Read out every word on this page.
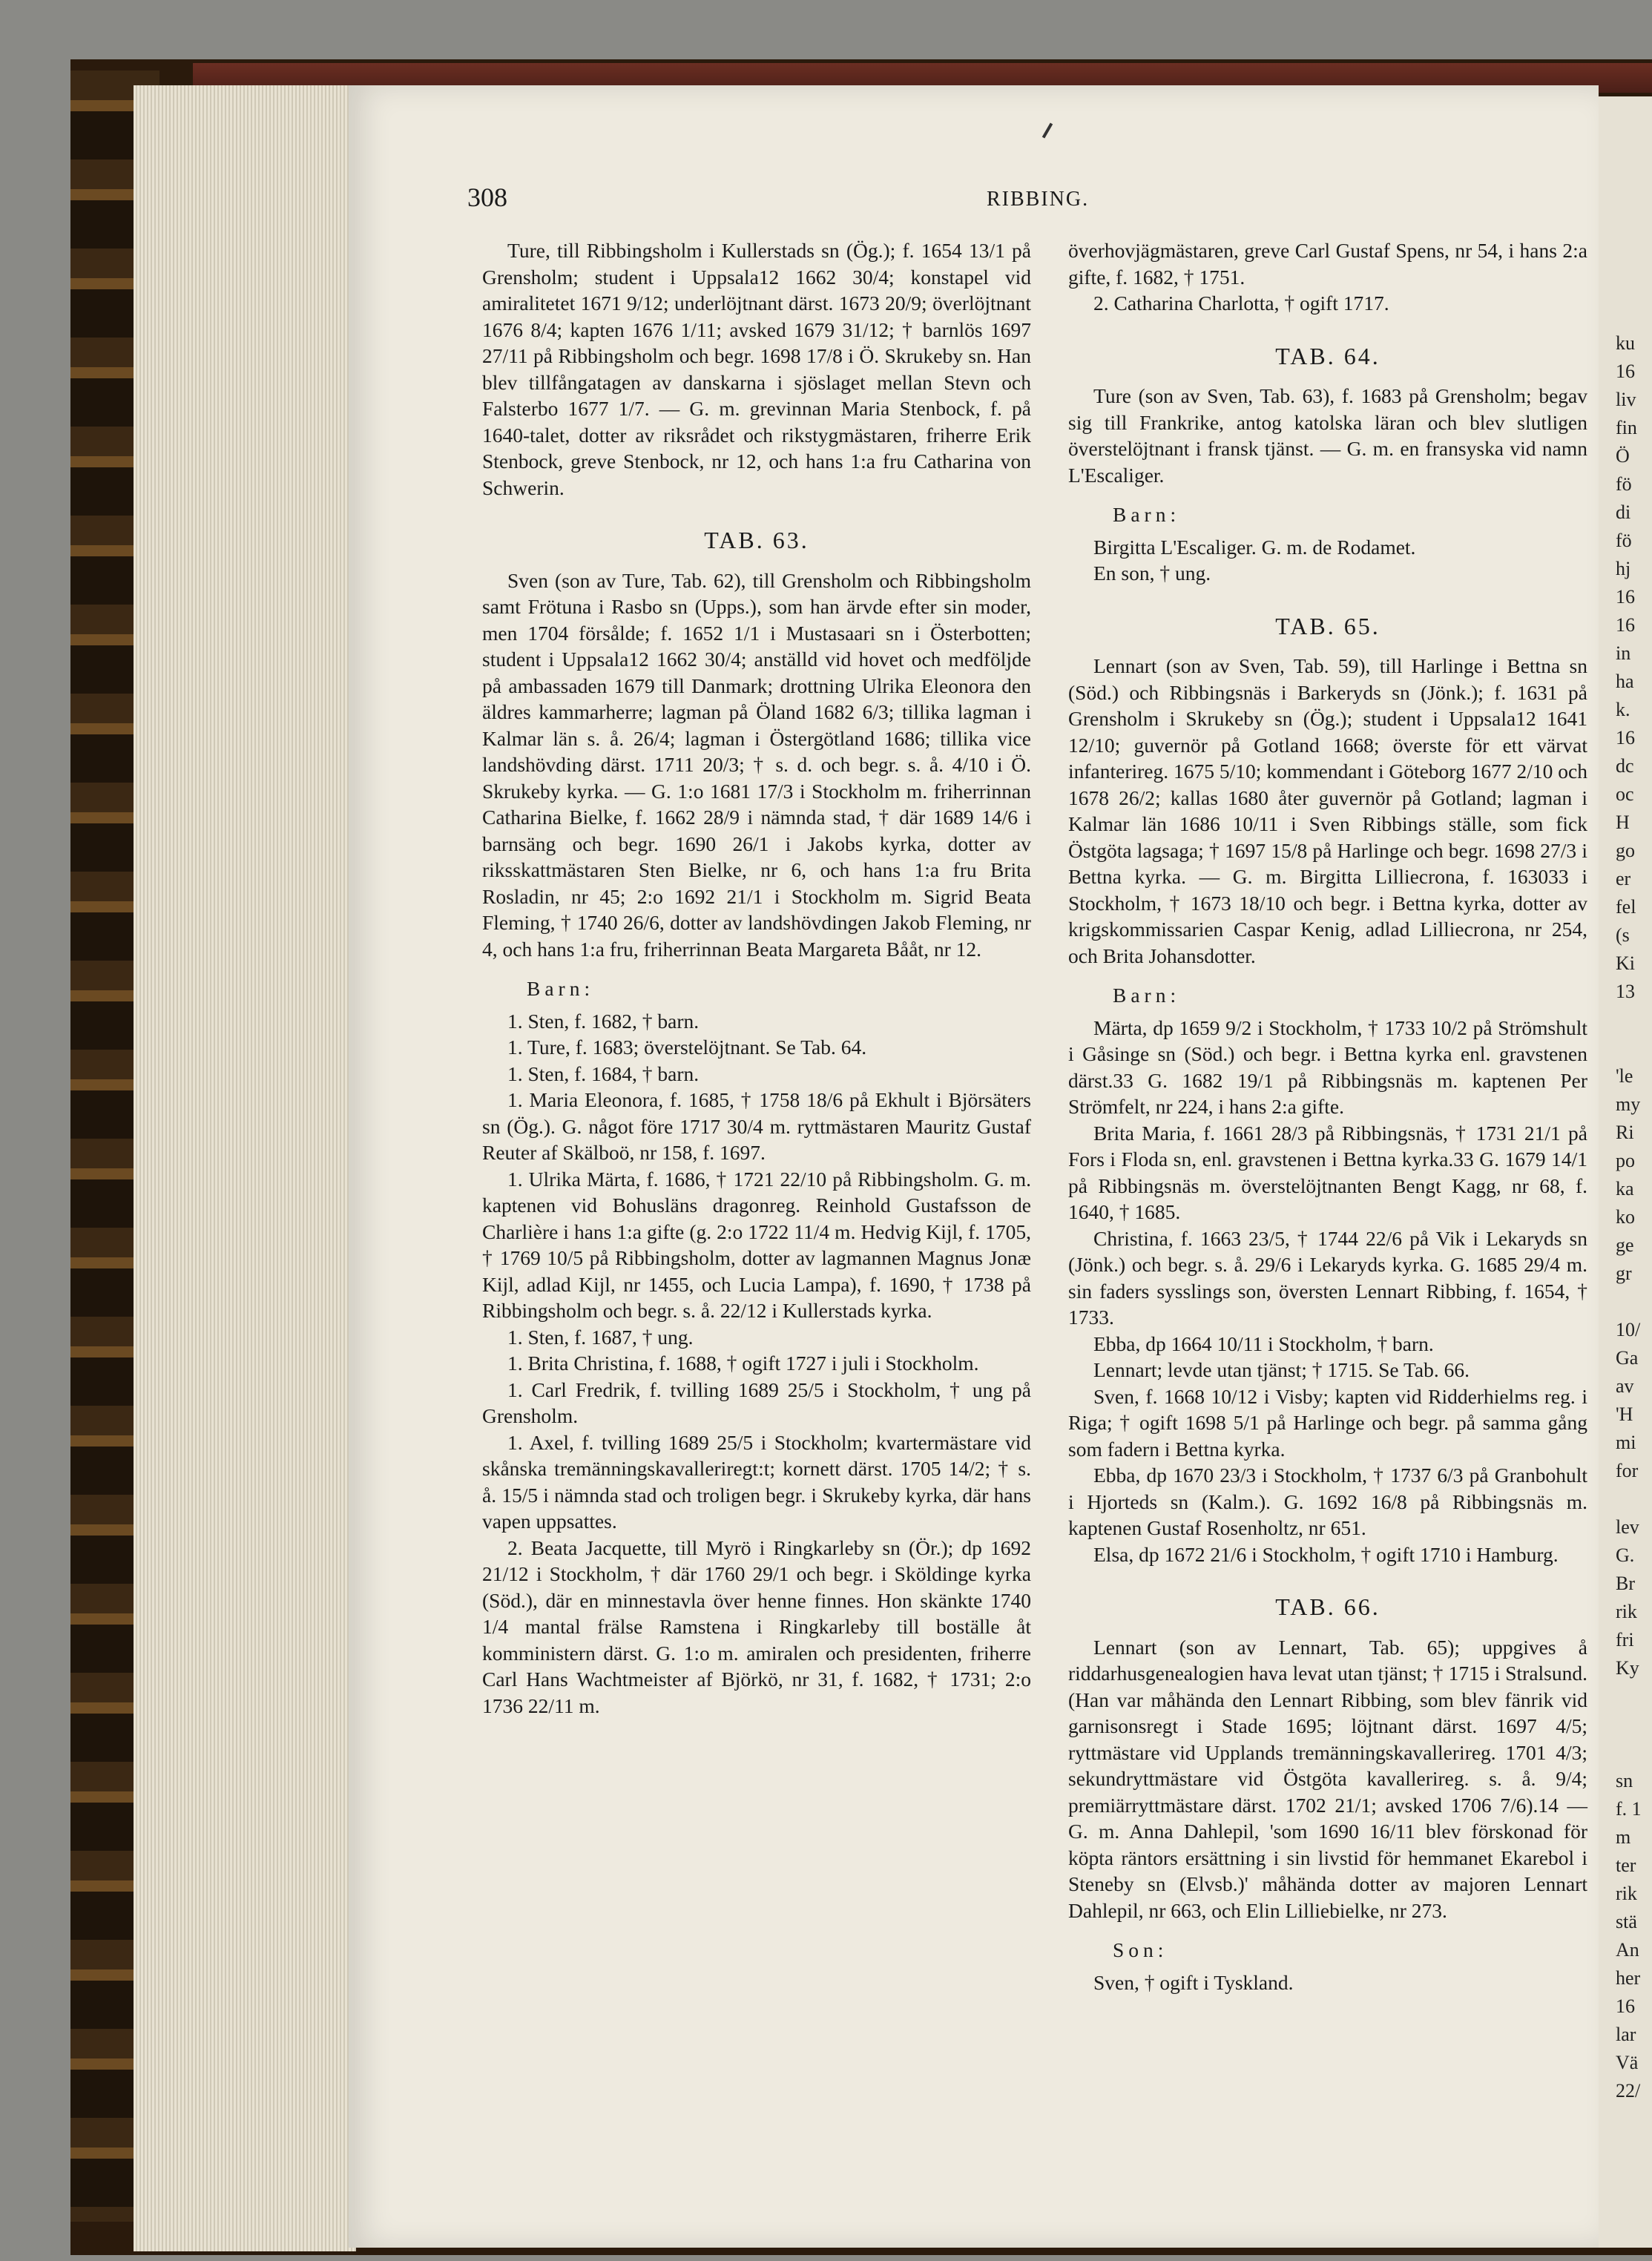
308	RIBBING.

Ture, till Ribbingsholm i Kullerstads sn (Ög.); f. 1654 13/1 på Grensholm; student i Uppsala12 1662 30/4; konstapel vid amiralitetet 1671 9/12; underlöjtnant därst. 1673 20/9; överlöjtnant 1676 8/4; kapten 1676 1/11; avsked 1679 31/12; † barnlös 1697 27/11 på Ribbingsholm och begr. 1698 17/8 i Ö. Skrukeby sn. Han blev tillfångatagen av danskarna i sjöslaget mellan Stevn och Falsterbo 1677 1/7. — G. m. grevinnan Maria Stenbock, f. på 1640-talet, dotter av riksrådet och rikstygmästaren, friherre Erik Stenbock, greve Stenbock, nr 12, och hans 1:a fru Catharina von Schwerin.

TAB. 63.

Sven (son av Ture, Tab. 62), till Grensholm och Ribbingsholm samt Frötuna i Rasbo sn (Upps.), som han ärvde efter sin moder, men 1704 försålde; f. 1652 1/1 i Mustasaari sn i Österbotten; student i Uppsala12 1662 30/4; anställd vid hovet och medföljde på ambassaden 1679 till Danmark; drottning Ulrika Eleonora den äldres kammarherre; lagman på Öland 1682 6/3; tillika lagman i Kalmar län s. å. 26/4; lagman i Östergötland 1686; tillika vice landshövding därst. 1711 20/3; † s. d. och begr. s. å. 4/10 i Ö. Skrukeby kyrka. — G. 1:o 1681 17/3 i Stockholm m. friherrinnan Catharina Bielke, f. 1662 28/9 i nämnda stad, † där 1689 14/6 i barnsäng och begr. 1690 26/1 i Jakobs kyrka, dotter av riksskattmästaren Sten Bielke, nr 6, och hans 1:a fru Brita Rosladin, nr 45; 2:o 1692 21/1 i Stockholm m. Sigrid Beata Fleming, † 1740 26/6, dotter av landshövdingen Jakob Fleming, nr 4, och hans 1:a fru, friherrinnan Beata Margareta Bååt, nr 12.

Barn:

1. Sten, f. 1682, † barn.

1. Ture, f. 1683; överstelöjtnant. Se Tab. 64.

1. Sten, f. 1684, † barn.

1. Maria Eleonora, f. 1685, † 1758 18/6 på Ekhult i Björsäters sn (Ög.). G. något före 1717 30/4 m. ryttmästaren Mauritz Gustaf Reuter af Skälboö, nr 158, f. 1697.

1. Ulrika Märta, f. 1686, † 1721 22/10 på Ribbingsholm. G. m. kaptenen vid Bohusläns dragonreg. Reinhold Gustafsson de Charlière i hans 1:a gifte (g. 2:o 1722 11/4 m. Hedvig Kijl, f. 1705, † 1769 10/5 på Ribbingsholm, dotter av lagmannen Magnus Jonæ Kijl, adlad Kijl, nr 1455, och Lucia Lampa), f. 1690, † 1738 på Ribbingsholm och begr. s. å. 22/12 i Kullerstads kyrka.

1. Sten, f. 1687, † ung.

1. Brita Christina, f. 1688, † ogift 1727 i juli i Stockholm.

1. Carl Fredrik, f. tvilling 1689 25/5 i Stockholm, † ung på Grensholm.

1. Axel, f. tvilling 1689 25/5 i Stockholm; kvartermästare vid skånska tremänningskavalleriregt:t; kornett därst. 1705 14/2; † s. å. 15/5 i nämnda stad och troligen begr. i Skrukeby kyrka, där hans vapen uppsattes.

2. Beata Jacquette, till Myrö i Ringkarleby sn (Ör.); dp 1692 21/12 i Stockholm, † där 1760 29/1 och begr. i Sköldinge kyrka (Söd.), där en minnestavla över henne finnes. Hon skänkte 1740 1/4 mantal frälse Ramstena i Ringkarleby till boställe åt komministern därst. G. 1:o m. amiralen och presidenten, friherre Carl Hans Wachtmeister af Björkö, nr 31, f. 1682, † 1731; 2:o 1736 22/11 m.

överhovjägmästaren, greve Carl Gustaf Spens, nr 54, i hans 2:a gifte, f. 1682, † 1751.

2. Catharina Charlotta, † ogift 1717.

TAB. 64.

Ture (son av Sven, Tab. 63), f. 1683 på Grensholm; begav sig till Frankrike, antog katolska läran och blev slutligen överstelöjtnant i fransk tjänst. — G. m. en fransyska vid namn L'Escaliger.

Barn:

Birgitta L'Escaliger. G. m. de Rodamet.

En son, † ung.

TAB. 65.

Lennart (son av Sven, Tab. 59), till Harlinge i Bettna sn (Söd.) och Ribbingsnäs i Barkeryds sn (Jönk.); f. 1631 på Grensholm i Skrukeby sn (Ög.); student i Uppsala12 1641 12/10; guvernör på Gotland 1668; överste för ett värvat infanterireg. 1675 5/10; kommendant i Göteborg 1677 2/10 och 1678 26/2; kallas 1680 åter guvernör på Gotland; lagman i Kalmar län 1686 10/11 i Sven Ribbings ställe, som fick Östgöta lagsaga; † 1697 15/8 på Harlinge och begr. 1698 27/3 i Bettna kyrka. — G. m. Birgitta Lilliecrona, f. 163033 i Stockholm, † 1673 18/10 och begr. i Bettna kyrka, dotter av krigskommissarien Caspar Kenig, adlad Lilliecrona, nr 254, och Brita Johansdotter.

Barn:

Märta, dp 1659 9/2 i Stockholm, † 1733 10/2 på Strömshult i Gåsinge sn (Söd.) och begr. i Bettna kyrka enl. gravstenen därst.33 G. 1682 19/1 på Ribbingsnäs m. kaptenen Per Strömfelt, nr 224, i hans 2:a gifte.

Brita Maria, f. 1661 28/3 på Ribbingsnäs, † 1731 21/1 på Fors i Floda sn, enl. gravstenen i Bettna kyrka.33 G. 1679 14/1 på Ribbingsnäs m. överstelöjtnanten Bengt Kagg, nr 68, f. 1640, † 1685.

Christina, f. 1663 23/5, † 1744 22/6 på Vik i Lekaryds sn (Jönk.) och begr. s. å. 29/6 i Lekaryds kyrka. G. 1685 29/4 m. sin faders sysslings son, översten Lennart Ribbing, f. 1654, † 1733.

Ebba, dp 1664 10/11 i Stockholm, † barn.

Lennart; levde utan tjänst; † 1715. Se Tab. 66.

Sven, f. 1668 10/12 i Visby; kapten vid Ridderhielms reg. i Riga; † ogift 1698 5/1 på Harlinge och begr. på samma gång som fadern i Bettna kyrka.

Ebba, dp 1670 23/3 i Stockholm, † 1737 6/3 på Granbohult i Hjorteds sn (Kalm.). G. 1692 16/8 på Ribbingsnäs m. kaptenen Gustaf Rosenholtz, nr 651.

Elsa, dp 1672 21/6 i Stockholm, † ogift 1710 i Hamburg.

TAB. 66.

Lennart (son av Lennart, Tab. 65); uppgives å riddarhusgenealogien hava levat utan tjänst; † 1715 i Stralsund. (Han var måhända den Lennart Ribbing, som blev fänrik vid garnisonsregt i Stade 1695; löjtnant därst. 1697 4/5; ryttmästare vid Upplands tremänningskavallerireg. 1701 4/3; sekundryttmästare vid Östgöta kavallerireg. s. å. 9/4; premiärryttmästare därst. 1702 21/1; avsked 1706 7/6).14 — G. m. Anna Dahlepil, 'som 1690 16/11 blev förskonad för köpta räntors ersättning i sin livstid för hemmanet Ekarebol i Steneby sn (Elvsb.)' måhända dotter av majoren Lennart Dahlepil, nr 663, och Elin Lilliebielke, nr 273.

Son:

Sven, † ogift i Tyskland.

ku
16
liv
fin
Ö
fö
di
fö
hj
16
16
in
ha
k.
16
dc
oc
H
go
er
fel
(s
Ki
13
'le
my
Ri
po
ka
ko
ge
gr
10/
Ga
av
'H
mi
for
lev
G.
Br
rik
fri
Ky
sn
f. 1
m
ter
rik
stä
An
her
16
lar
Vä
22/
